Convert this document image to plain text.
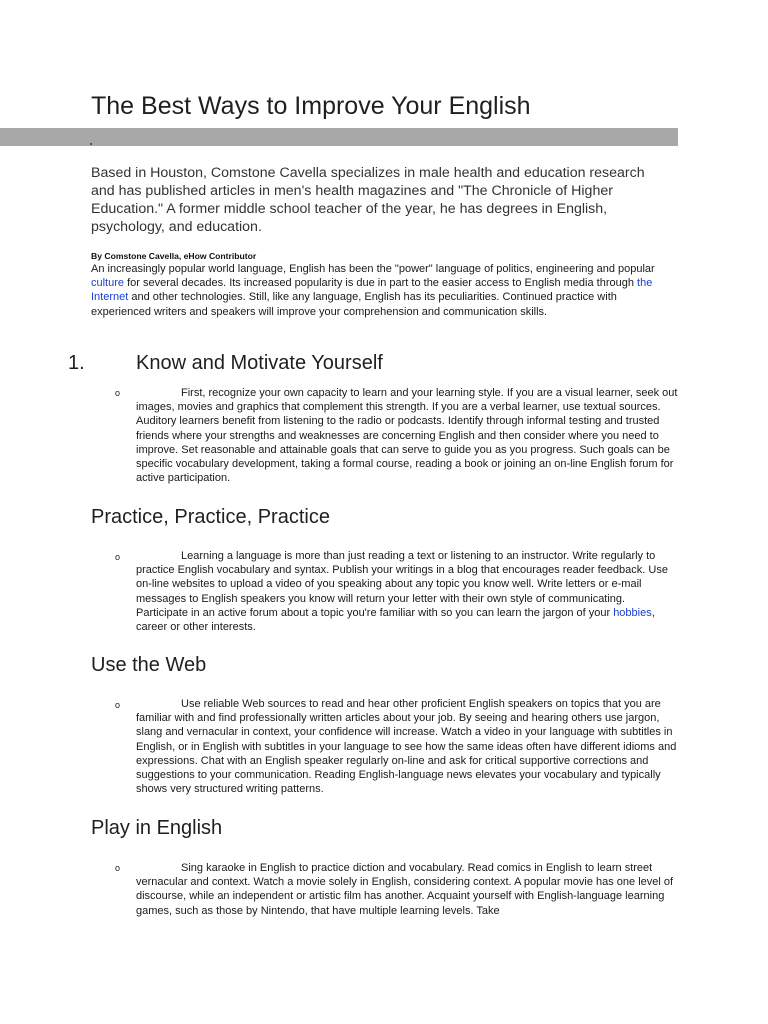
The Best Ways to Improve Your English

Based in Houston, Comstone Cavella specializes in male health and education research and has published articles in men's health magazines and "The Chronicle of Higher Education." A former middle school teacher of the year, he has degrees in English, psychology, and education.

By Comstone Cavella, eHow Contributor

An increasingly popular world language, English has been the "power" language of politics, engineering and popular culture for several decades. Its increased popularity is due in part to the easier access to English media through the Internet and other technologies. Still, like any language, English has its peculiarities. Continued practice with experienced writers and speakers will improve your comprehension and communication skills.

1.	Know and Motivate Yourself

o	First, recognize your own capacity to learn and your learning style. If you are a visual learner, seek out images, movies and graphics that complement this strength. If you are a verbal learner, use textual sources. Auditory learners benefit from listening to the radio or podcasts. Identify through informal testing and trusted friends where your strengths and weaknesses are concerning English and then consider where you need to improve. Set reasonable and attainable goals that can serve to guide you as you progress. Such goals can be specific vocabulary development, taking a formal course, reading a book or joining an on-line English forum for active participation.

Practice, Practice, Practice

o	Learning a language is more than just reading a text or listening to an instructor. Write regularly to practice English vocabulary and syntax. Publish your writings in a blog that encourages reader feedback. Use on-line websites to upload a video of you speaking about any topic you know well. Write letters or e-mail messages to English speakers you know will return your letter with their own style of communicating. Participate in an active forum about a topic you're familiar with so you can learn the jargon of your hobbies, career or other interests.

Use the Web

o	Use reliable Web sources to read and hear other proficient English speakers on topics that you are familiar with and find professionally written articles about your job. By seeing and hearing others use jargon, slang and vernacular in context, your confidence will increase. Watch a video in your language with subtitles in English, or in English with subtitles in your language to see how the same ideas often have different idioms and expressions. Chat with an English speaker regularly on-line and ask for critical supportive corrections and suggestions to your communication. Reading English-language news elevates your vocabulary and typically shows very structured writing patterns.

Play in English

o	Sing karaoke in English to practice diction and vocabulary. Read comics in English to learn street vernacular and context. Watch a movie solely in English, considering context. A popular movie has one level of discourse, while an independent or artistic film has another. Acquaint yourself with English-language learning games, such as those by Nintendo, that have multiple learning levels. Take
